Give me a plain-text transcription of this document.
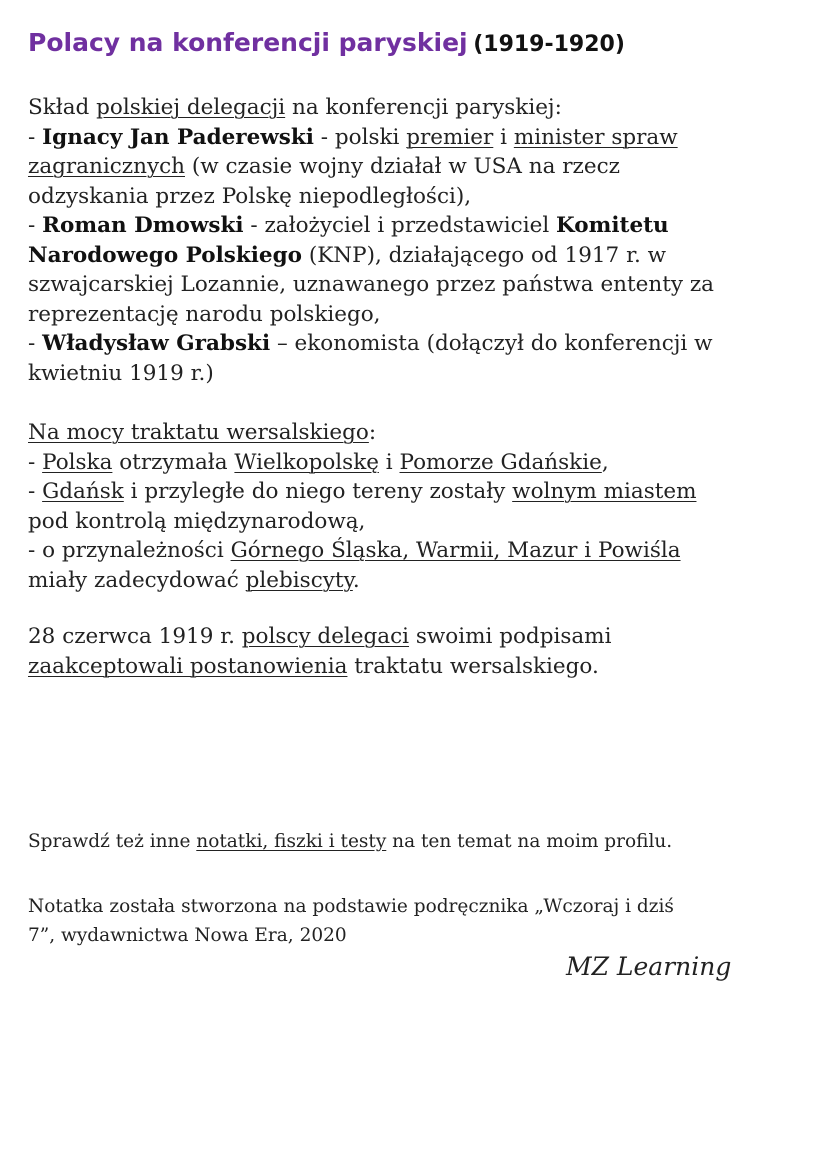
Polacy na konferencji paryskiej (1919-1920)
Skład polskiej delegacji na konferencji paryskiej:
- Ignacy Jan Paderewski - polski premier i minister spraw
zagranicznych (w czasie wojny działał w USA na rzecz
odzyskania przez Polskę niepodległości),
- Roman Dmowski - założyciel i przedstawiciel Komitetu
Narodowego Polskiego (KNP), działającego od 1917 r. w
szwajcarskiej Lozannie, uznawanego przez państwa ententy za
reprezentację narodu polskiego,
- Władysław Grabski – ekonomista (dołączył do konferencji w
kwietniu 1919 r.)
Na mocy traktatu wersalskiego:
- Polska otrzymała Wielkopolskę i Pomorze Gdańskie,
- Gdańsk i przyległe do niego tereny zostały wolnym miastem
pod kontrolą międzynarodową,
- o przynależności Górnego Śląska, Warmii, Mazur i Powiśla
miały zadecydować plebiscyty.
28 czerwca 1919 r. polscy delegaci swoimi podpisami
zaakceptowali postanowienia traktatu wersalskiego.
Sprawdź też inne notatki, fiszki i testy na ten temat na moim profilu.
Notatka została stworzona na podstawie podręcznika „Wczoraj i dziś
7”, wydawnictwa Nowa Era, 2020
MZ Learning
